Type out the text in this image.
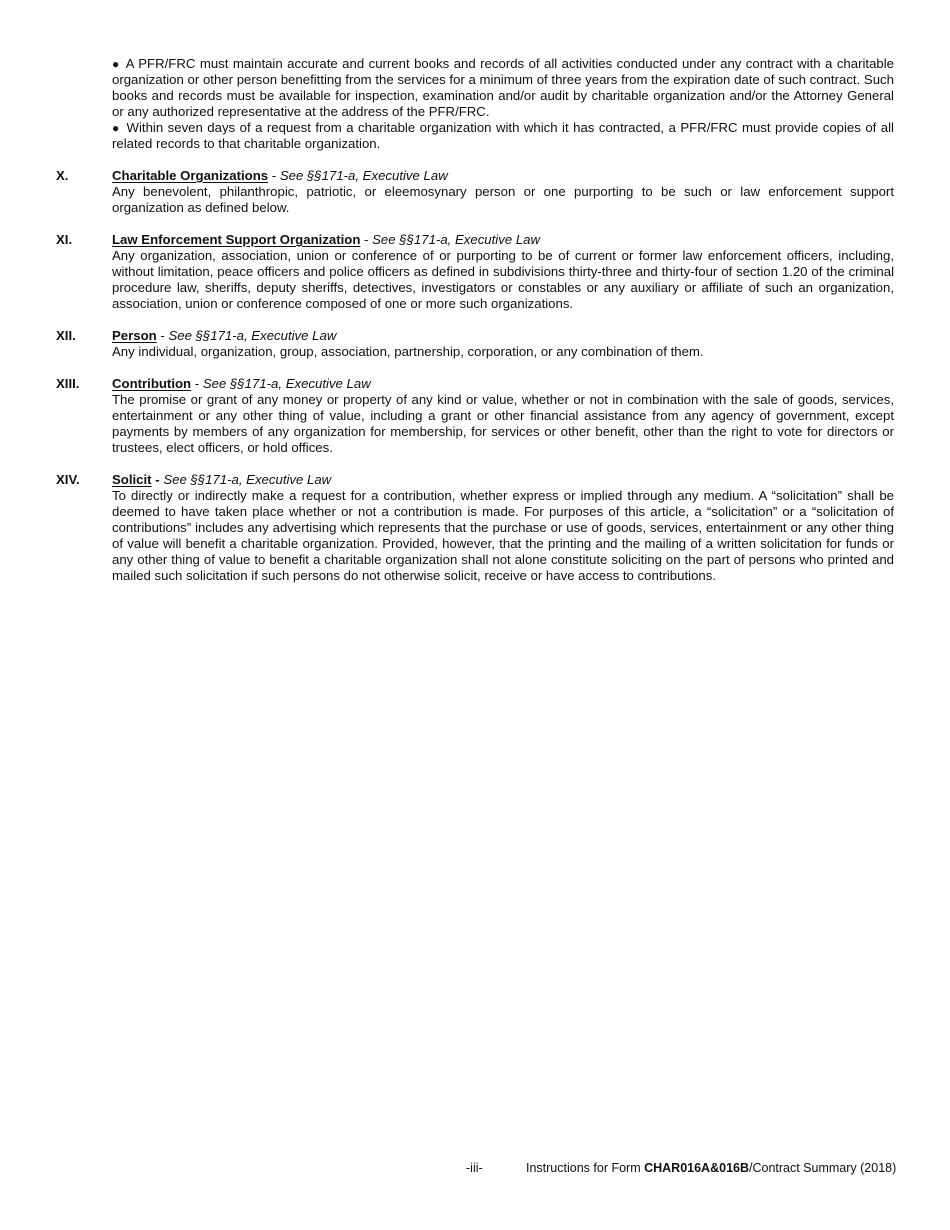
● A PFR/FRC must maintain accurate and current books and records of all activities conducted under any contract with a charitable organization or other person benefitting from the services for a minimum of three years from the expiration date of such contract. Such books and records must be available for inspection, examination and/or audit by charitable organization and/or the Attorney General or any authorized representative at the address of the PFR/FRC.

● Within seven days of a request from a charitable organization with which it has contracted, a PFR/FRC must provide copies of all related records to that charitable organization.

X.	Charitable Organizations - See §§171-a, Executive Law

Any benevolent, philanthropic, patriotic, or eleemosynary person or one purporting to be such or law enforcement support organization as defined below.

XI.	Law Enforcement Support Organization - See §§171-a, Executive Law

Any organization, association, union or conference of or purporting to be of current or former law enforcement officers, including, without limitation, peace officers and police officers as defined in subdivisions thirty-three and thirty-four of section 1.20 of the criminal procedure law, sheriffs, deputy sheriffs, detectives, investigators or constables or any auxiliary or affiliate of such an organization, association, union or conference composed of one or more such organizations.

XII.	Person - See §§171-a, Executive Law

Any individual, organization, group, association, partnership, corporation, or any combination of them.

XIII. Contribution - See §§171-a, Executive Law

The promise or grant of any money or property of any kind or value, whether or not in combination with the sale of goods, services, entertainment or any other thing of value, including a grant or other financial assistance from any agency of government, except payments by members of any organization for membership, for services or other benefit, other than the right to vote for directors or trustees, elect officers, or hold offices.

XIV. Solicit - See §§171-a, Executive Law

To directly or indirectly make a request for a contribution, whether express or implied through any medium. A “solicitation” shall be deemed to have taken place whether or not a contribution is made. For purposes of this article, a “solicitation” or a “solicitation of contributions” includes any advertising which represents that the purchase or use of goods, services, entertainment or any other thing of value will benefit a charitable organization. Provided, however, that the printing and the mailing of a written solicitation for funds or any other thing of value to benefit a charitable organization shall not alone constitute soliciting on the part of persons who printed and mailed such solicitation if such persons do not otherwise solicit, receive or have access to contributions.

-iii-	Instructions for Form CHAR016A&016B/Contract Summary (2018)
